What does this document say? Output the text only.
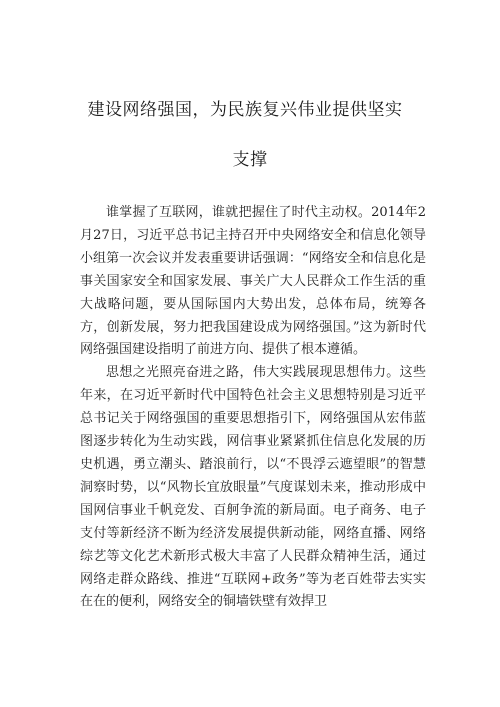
建设网络强国，为民族复兴伟业提供坚实
支撑

谁掌握了互联网，谁就把握住了时代主动权。2014年2月27日，习近平总书记主持召开中央网络安全和信息化领导小组第一次会议并发表重要讲话强调：“网络安全和信息化是事关国家安全和国家发展、事关广大人民群众工作生活的重大战略问题，要从国际国内大势出发，总体布局，统筹各方，创新发展，努力把我国建设成为网络强国。”这为新时代网络强国建设指明了前进方向、提供了根本遵循。

思想之光照亮奋进之路，伟大实践展现思想伟力。这些年来，在习近平新时代中国特色社会主义思想特别是习近平总书记关于网络强国的重要思想指引下，网络强国从宏伟蓝图逐步转化为生动实践，网信事业紧紧抓住信息化发展的历史机遇，勇立潮头、踏浪前行，以“不畏浮云遮望眼”的智慧洞察时势，以“风物长宜放眼量”气度谋划未来，推动形成中国网信事业千帆竞发、百舸争流的新局面。电子商务、电子支付等新经济不断为经济发展提供新动能，网络直播、网络综艺等文化艺术新形式极大丰富了人民群众精神生活，通过网络走群众路线、推进“互联网+政务”等为老百姓带去实实在在的便利，网络安全的铜墙铁壁有效捍卫
